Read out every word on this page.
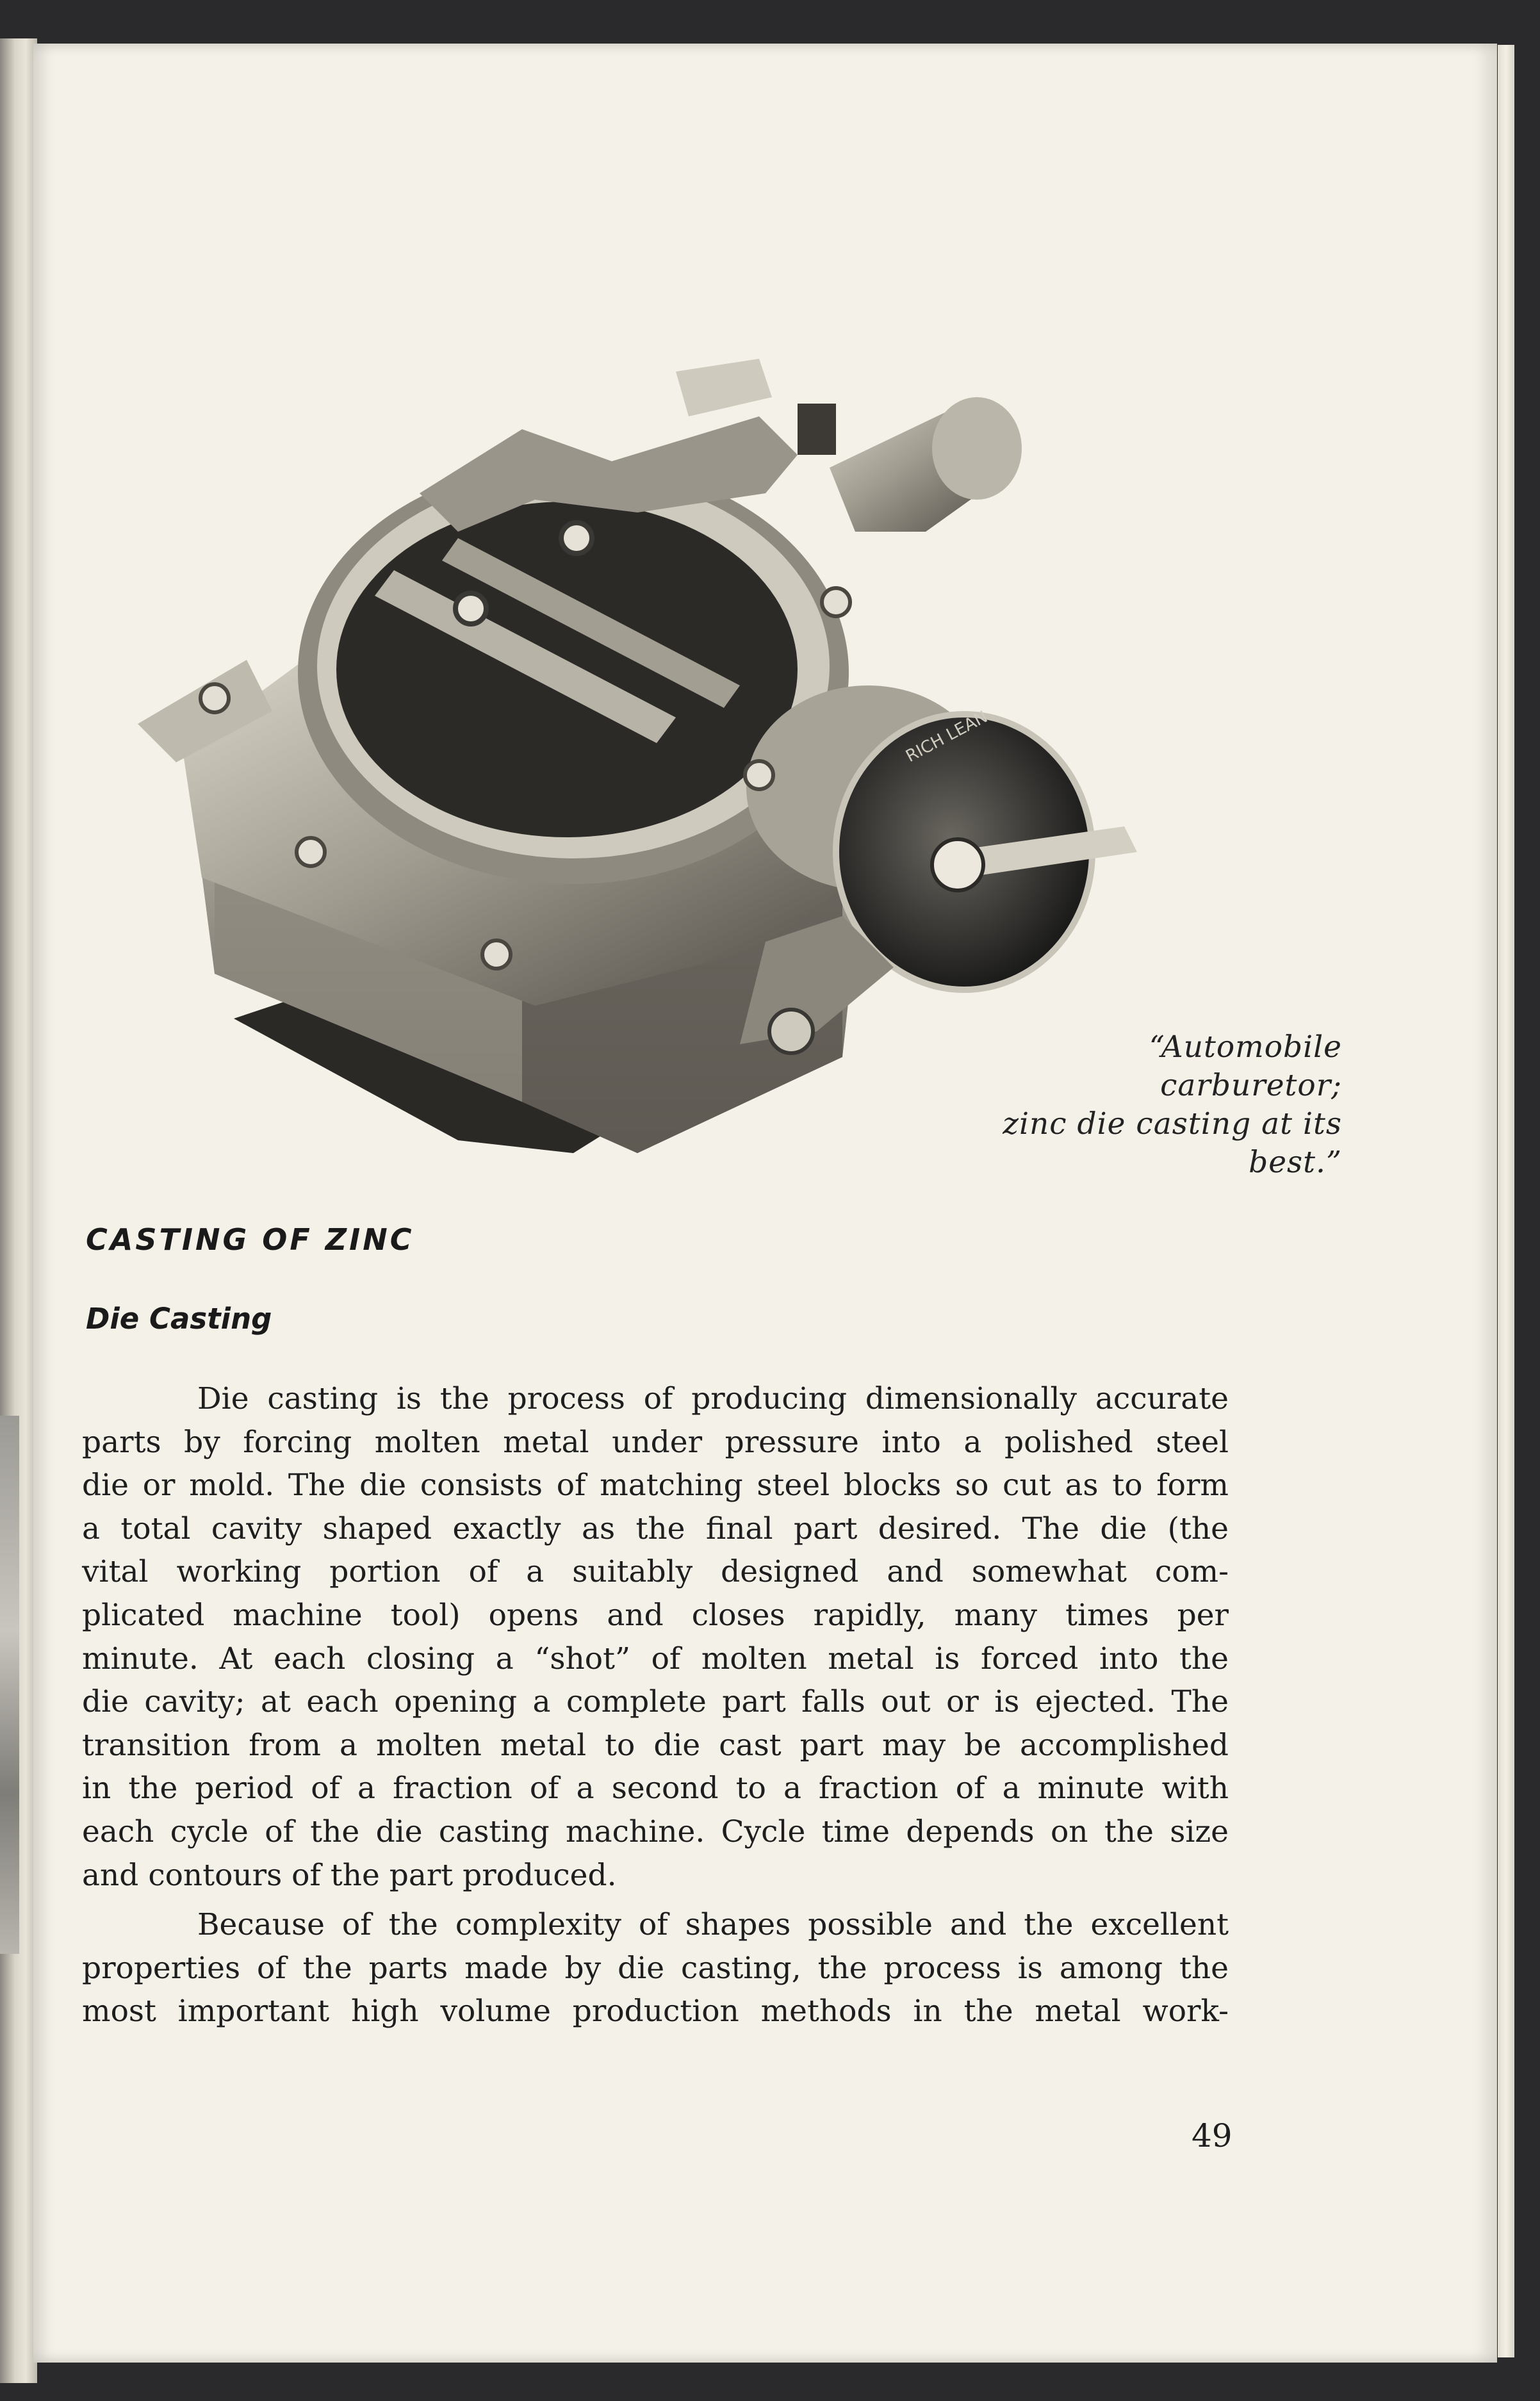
RICH LEAN
“Automobile carburetor;
zinc die casting at its best.”
CASTING OF ZINC
Die Casting

Die casting is the process of producing dimensionally accurate
parts by forcing molten metal under pressure into a polished steel
die or mold. The die consists of matching steel blocks so cut as to form
a total cavity shaped exactly as the final part desired. The die (the
vital working portion of a suitably designed and somewhat com-
plicated machine tool) opens and closes rapidly, many times per
minute. At each closing a “shot” of molten metal is forced into the
die cavity; at each opening a complete part falls out or is ejected. The
transition from a molten metal to die cast part may be accomplished
in the period of a fraction of a second to a fraction of a minute with
each cycle of the die casting machine. Cycle time depends on the size
and contours of the part produced.

Because of the complexity of shapes possible and the excellent
properties of the parts made by die casting, the process is among the
most important high volume production methods in the metal work-

49
